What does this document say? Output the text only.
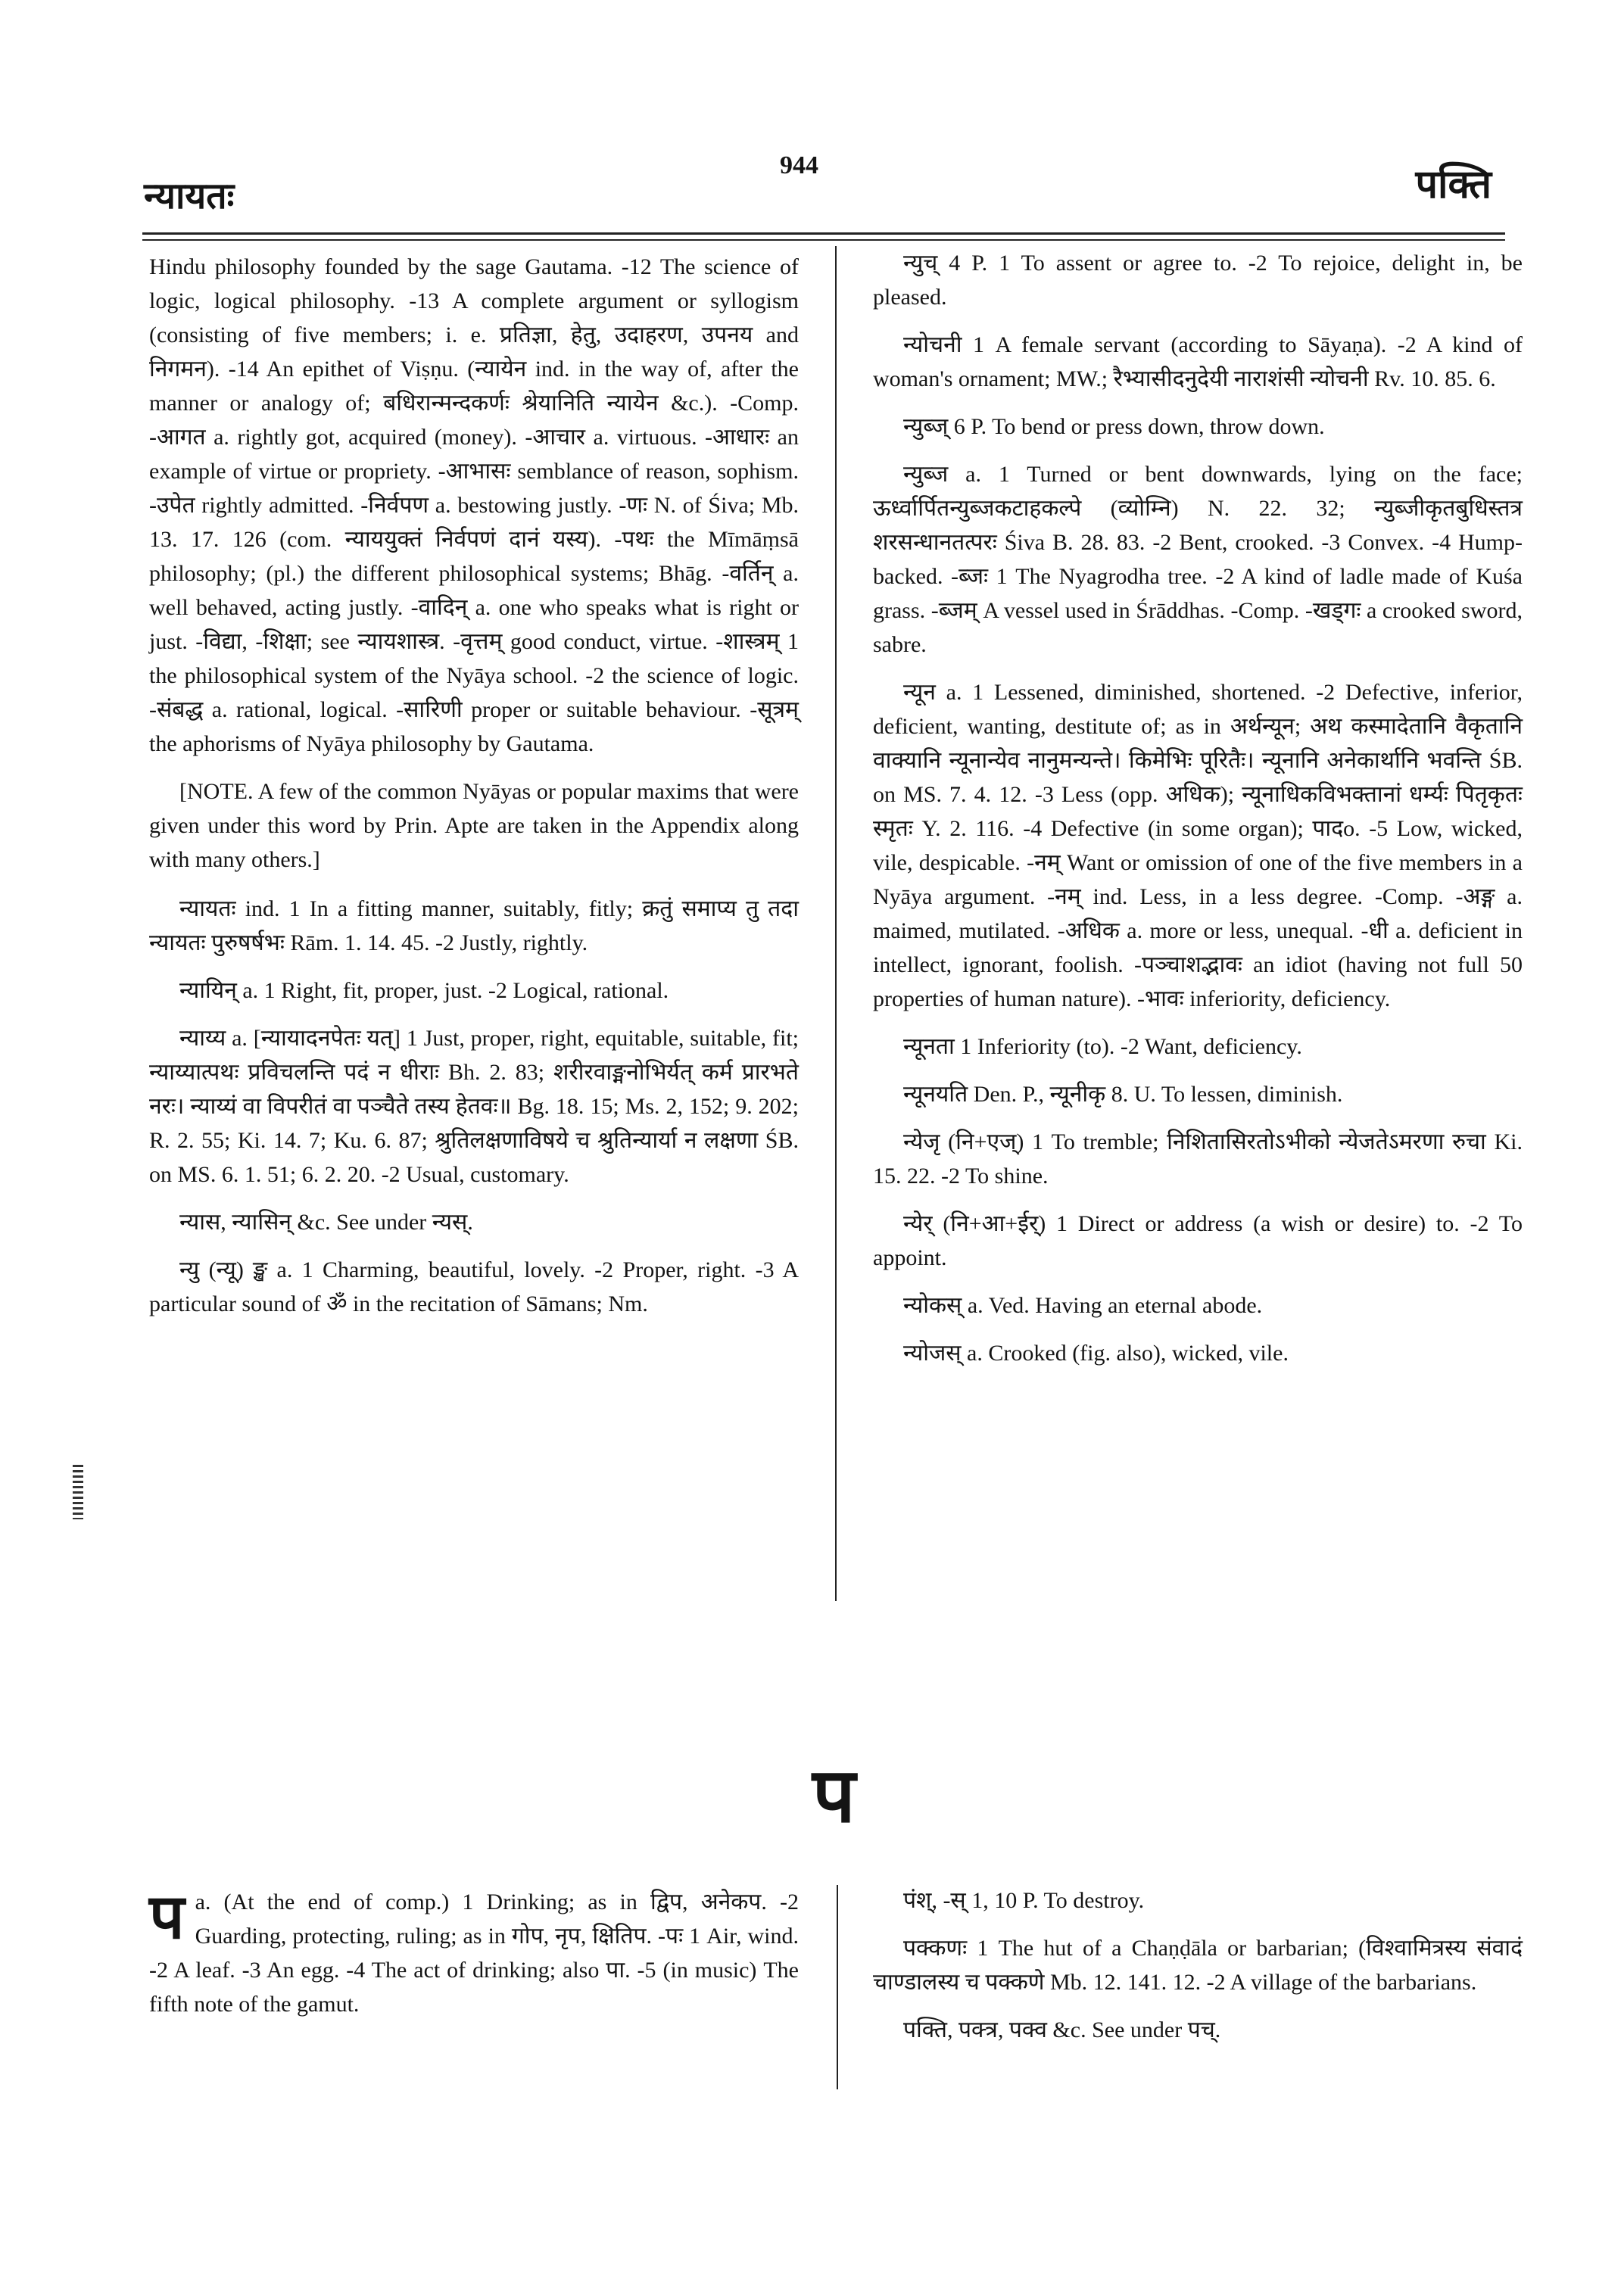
न्यायतः
944	पक्ति

Hindu philosophy founded by the sage Gautama. -12 The science of logic, logical philosophy. -13 A complete argument or syllogism (consisting of five members; i. e. प्रतिज्ञा, हेतु, उदाहरण, उपनय and निगमन). -14 An epithet of Viṣṇu. (न्यायेन ind. in the way of, after the manner or analogy of; बधिरान्मन्दकर्णः श्रेयानिति न्यायेन &c.). -Comp. -आगत a. rightly got, acquired (money). -आचार a. virtuous. -आधारः an example of virtue or propriety. -आभासः semblance of reason, sophism. -उपेत rightly admitted. -निर्वपण a. bestowing justly. -णः N. of Śiva; Mb. 13. 17. 126 (com. न्याययुक्तं निर्वपणं दानं यस्य). -पथः the Mīmāṃsā philosophy; (pl.) the different philosophical systems; Bhāg. -वर्तिन् a. well behaved, acting justly. -वादिन् a. one who speaks what is right or just. -विद्या, -शिक्षा; see न्यायशास्त्र. -वृत्तम् good conduct, virtue. -शास्त्रम् 1 the philosophical system of the Nyāya school. -2 the science of logic. -संबद्ध a. rational, logical. -सारिणी proper or suitable behaviour. -सूत्रम् the aphorisms of Nyāya philosophy by Gautama.

[NOTE. A few of the common Nyāyas or popular maxims that were given under this word by Prin. Apte are taken in the Appendix along with many others.]

न्यायतः ind. 1 In a fitting manner, suitably, fitly; क्रतुं समाप्य तु तदा न्यायतः पुरुषर्षभः Rām. 1. 14. 45. -2 Justly, rightly.

न्यायिन् a. 1 Right, fit, proper, just. -2 Logical, rational.

न्याय्य a. [न्यायादनपेतः यत्] 1 Just, proper, right, equitable, suitable, fit; न्याय्यात्पथः प्रविचलन्ति पदं न धीराः Bh. 2. 83; शरीरवाङ्मनोभिर्यत् कर्म प्रारभते नरः। न्याय्यं वा विपरीतं वा पञ्चैते तस्य हेतवः॥ Bg. 18. 15; Ms. 2, 152; 9. 202; R. 2. 55; Ki. 14. 7; Ku. 6. 87; श्रुतिलक्षणाविषये च श्रुतिन्यार्या न लक्षणा ŚB. on MS. 6. 1. 51; 6. 2. 20. -2 Usual, customary.

न्यास, न्यासिन् &c. See under न्यस्.

न्यु (न्यू) ङ्ख a. 1 Charming, beautiful, lovely. -2 Proper, right. -3 A particular sound of ॐ in the recitation of Sāmans; Nm.

न्युच् 4 P. 1 To assent or agree to. -2 To rejoice, delight in, be pleased.

न्योचनी 1 A female servant (according to Sāyaṇa). -2 A kind of woman's ornament; MW.; रैभ्यासीदनुदेयी नाराशंसी न्योचनी Rv. 10. 85. 6.

न्युब्ज् 6 P. To bend or press down, throw down.

न्युब्ज a. 1 Turned or bent downwards, lying on the face; ऊर्ध्वार्पितन्युब्जकटाहकल्पे (व्योम्नि) N. 22. 32; न्युब्जीकृतबुधिस्तत्र शरसन्धानतत्परः Śiva B. 28. 83. -2 Bent, crooked. -3 Convex. -4 Hump-backed. -ब्जः 1 The Nyagrodha tree. -2 A kind of ladle made of Kuśa grass. -ब्जम् A vessel used in Śrāddhas. -Comp. -खड्गः a crooked sword, sabre.

न्यून a. 1 Lessened, diminished, shortened. -2 Defective, inferior, deficient, wanting, destitute of; as in अर्थन्यून; अथ कस्मादेतानि वैकृतानि वाक्यानि न्यूनान्येव नानुमन्यन्ते। किमेभिः पूरितैः। न्यूनानि अनेकार्थानि भवन्ति ŚB. on MS. 7. 4. 12. -3 Less (opp. अधिक); न्यूनाधिकविभक्तानां धर्म्यः पितृकृतः स्मृतः Y. 2. 116. -4 Defective (in some organ); पादo. -5 Low, wicked, vile, despicable. -नम् Want or omission of one of the five members in a Nyāya argument. -नम् ind. Less, in a less degree. -Comp. -अङ्ग a. maimed, mutilated. -अधिक a. more or less, unequal. -धी a. deficient in intellect, ignorant, foolish. -पञ्चाशद्भावः an idiot (having not full 50 properties of human nature). -भावः inferiority, deficiency.

न्यूनता 1 Inferiority (to). -2 Want, deficiency.

न्यूनयति Den. P., न्यूनीकृ 8. U. To lessen, diminish.

न्येजृ (नि+एज्) 1 To tremble; निशितासिरतोऽभीको न्येजतेऽमरणा रुचा Ki. 15. 22. -2 To shine.

न्येर् (नि+आ+ईर्) 1 Direct or address (a wish or desire) to. -2 To appoint.

न्योकस् a. Ved. Having an eternal abode.

न्योजस् a. Crooked (fig. also), wicked, vile.

प

प a. (At the end of comp.) 1 Drinking; as in द्विप, अनेकप. -2 Guarding, protecting, ruling; as in गोप, नृप, क्षितिप. -पः 1 Air, wind. -2 A leaf. -3 An egg. -4 The act of drinking; also पा. -5 (in music) The fifth note of the gamut.

पंश्, -स् 1, 10 P. To destroy.

पक्कणः 1 The hut of a Chaṇḍāla or barbarian; (विश्वामित्रस्य संवादं चाण्डालस्य च पक्कणे Mb. 12. 141. 12. -2 A village of the barbarians.

पक्ति, पक्त्र, पक्व &c. See under पच्.
